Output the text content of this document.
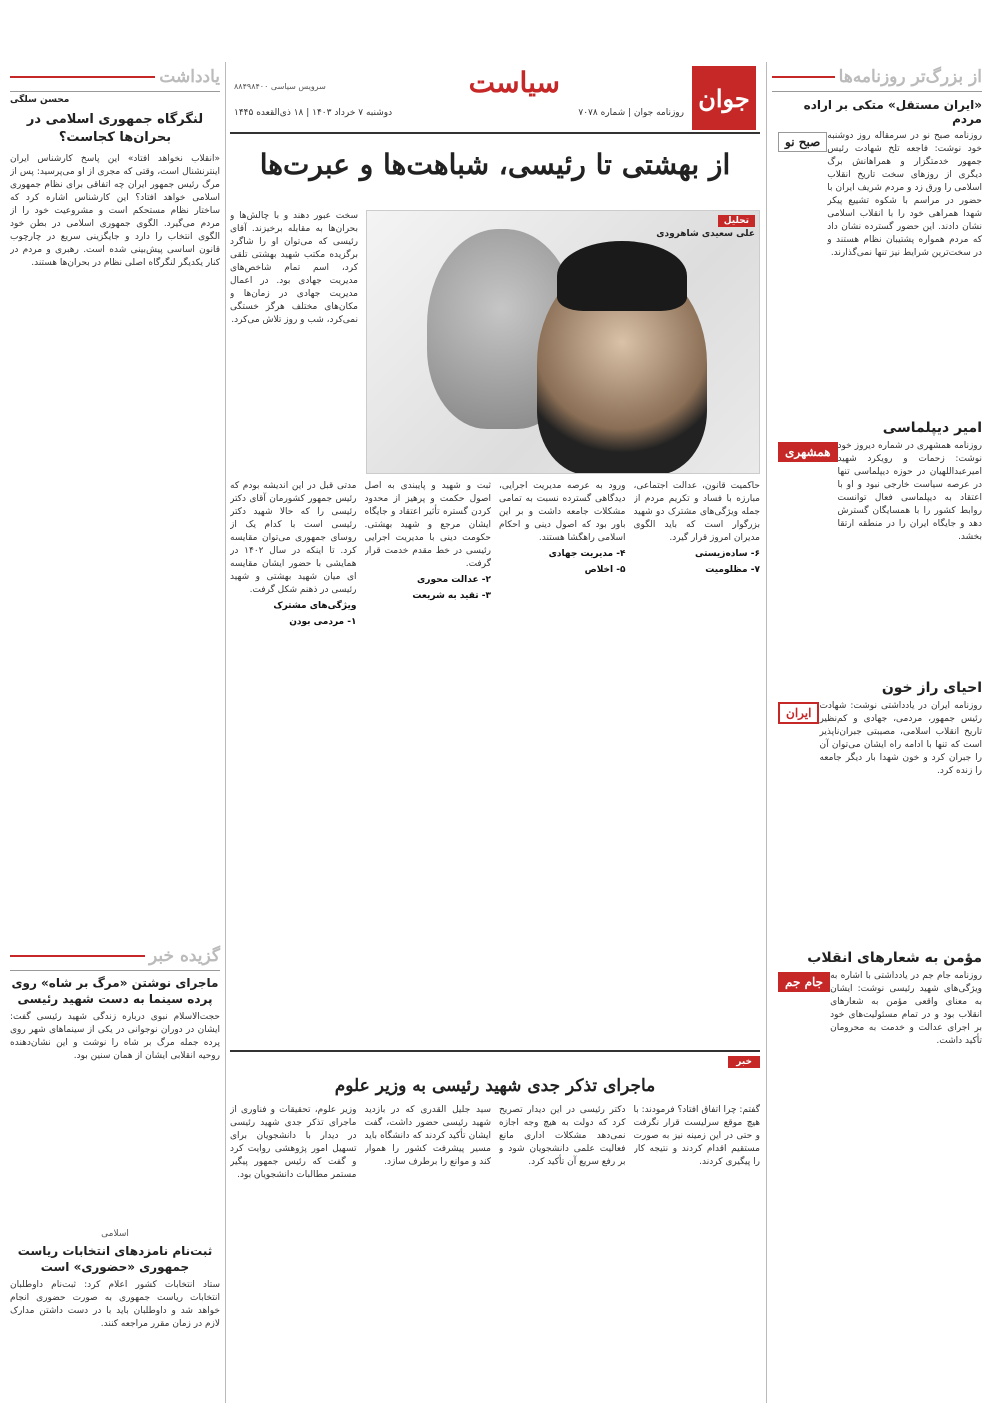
از بزرگ‌تر روزنامه‌ها
«ایران مستقل» متکی بر اراده مردم
صبح نو روزنامه صبح نو در سرمقاله روز دوشنبه خود نوشت: فاجعه تلخ شهادت رئیس جمهور خدمتگزار و همراهانش برگ دیگری از روزهای سخت تاریخ انقلاب اسلامی را ورق زد و مردم شریف ایران با حضور در مراسم با شکوه تشییع پیکر شهدا همراهی خود را با انقلاب اسلامی نشان دادند. این حضور گسترده نشان داد که مردم همواره پشتیبان نظام هستند و در سخت‌ترین شرایط نیز تنها نمی‌گذارند.
امیر دیپلماسی
همشهری روزنامه همشهری در شماره دیروز خود نوشت: زحمات و رویکرد شهید امیرعبداللهیان در حوزه دیپلماسی تنها در عرصه سیاست خارجی نبود و او با اعتقاد به دیپلماسی فعال توانست روابط کشور را با همسایگان گسترش دهد و جایگاه ایران را در منطقه ارتقا بخشد.
احیای راز خون
ایران روزنامه ایران در یادداشتی نوشت: شهادت رئیس جمهور، مردمی، جهادی و کم‌نظیر تاریخ انقلاب اسلامی، مصیبتی جبران‌ناپذیر است که تنها با ادامه راه ایشان می‌توان آن را جبران کرد و خون شهدا بار دیگر جامعه را زنده کرد.
مؤمن به شعارهای انقلاب
جام جم روزنامه جام جم در یادداشتی با اشاره به ویژگی‌های شهید رئیسی نوشت: ایشان به معنای واقعی مؤمن به شعارهای انقلاب بود و در تمام مسئولیت‌های خود بر اجرای عدالت و خدمت به محرومان تأکید داشت.
جوان
سیاست
سرویس سیاسی ۸۸۴۹۸۴۰۰
روزنامه جوان | شماره ۷۰۷۸
دوشنبه ۷ خرداد ۱۴۰۳ | ۱۸ ذی‌القعده ۱۴۴۵
از بهشتی تا رئیسی، شباهت‌ها و عبرت‌ها
تحلیل
علی سعیدی شاهرودی
سخت عبور دهند و با چالش‌ها و بحران‌ها به مقابله برخیزند. آقای رئیسی که می‌توان او را شاگرد برگزیده مکتب شهید بهشتی تلقی کرد، اسم تمام شاخص‌های مدیریت جهادی بود. در اعمال مدیریت جهادی در زمان‌ها و مکان‌های مختلف هرگز خستگی نمی‌کرد، شب و روز تلاش می‌کرد.
مدتی قبل در این اندیشه بودم که رئیس جمهور کشورمان آقای دکتر رئیسی را که حالا شهید دکتر رئیسی است با کدام یک از روسای جمهوری می‌توان مقایسه کرد. تا اینکه در سال ۱۴۰۲ در همایشی با حضور ایشان مقایسه ای میان شهید بهشتی و شهید رئیسی در ذهنم شکل گرفت.
ویژگی‌های مشترک
۱- مردمی بودن
ثبت و شهید و پایبندی به اصل اصول حکمت و پرهیز از محدود کردن گستره تأثیر اعتقاد و جایگاه ایشان مرجع و شهید بهشتی. حکومت دینی با مدیریت اجرایی رئیسی در خط مقدم خدمت قرار گرفت.
۲- عدالت محوری
۳- تقید به شریعت
ورود به عرصه مدیریت اجرایی، دیدگاهی گسترده نسبت به تمامی مشکلات جامعه داشت و بر این باور بود که اصول دینی و احکام اسلامی راهگشا هستند.
۴- مدیریت جهادی
۵- اخلاص
حاکمیت قانون، عدالت اجتماعی، مبارزه با فساد و تکریم مردم از جمله ویژگی‌های مشترک دو شهید بزرگوار است که باید الگوی مدیران امروز قرار گیرد.
۶- ساده‌زیستی
۷- مظلومیت
خبر
ماجرای تذکر جدی شهید رئیسی به وزیر علوم
وزیر علوم، تحقیقات و فناوری از ماجرای تذکر جدی شهید رئیسی در دیدار با دانشجویان برای تسهیل امور پژوهشی روایت کرد و گفت که رئیس جمهور پیگیر مستمر مطالبات دانشجویان بود.
سید جلیل القدری که در بازدید شهید رئیسی حضور داشت، گفت ایشان تأکید کردند که دانشگاه باید مسیر پیشرفت کشور را هموار کند و موانع را برطرف سازد.
دکتر رئیسی در این دیدار تصریح کرد که دولت به هیچ وجه اجازه نمی‌دهد مشکلات اداری مانع فعالیت علمی دانشجویان شود و بر رفع سریع آن تأکید کرد.
گفتم: چرا اتفاق افتاد؟ فرمودند: با هیچ موقع سرلیست قرار نگرفت و حتی در این زمینه نیز به صورت مستقیم اقدام کردند و نتیجه کار را پیگیری کردند.
یادداشت
محسن سلگی
لنگرگاه جمهوری اسلامی در بحران‌ها کجاست؟
«انقلاب نخواهد افتاد» این پاسخ کارشناس ایران اینترنشنال است، وقتی که مجری از او می‌پرسید: پس از مرگ رئیس جمهور ایران چه اتفاقی برای نظام جمهوری اسلامی خواهد افتاد؟ این کارشناس اشاره کرد که ساختار نظام مستحکم است و مشروعیت خود را از مردم می‌گیرد. الگوی جمهوری اسلامی در بطن خود الگوی انتخاب را دارد و جایگزینی سریع در چارچوب قانون اساسی پیش‌بینی شده است. رهبری و مردم در کنار یکدیگر لنگرگاه اصلی نظام در بحران‌ها هستند.
گزیده خبر
ماجرای نوشتن «مرگ بر شاه» روی پرده سینما به دست شهید رئیسی
حجت‌الاسلام نبوی درباره زندگی شهید رئیسی گفت: ایشان در دوران نوجوانی در یکی از سینماهای شهر روی پرده جمله مرگ بر شاه را نوشت و این نشان‌دهنده روحیه انقلابی ایشان از همان سنین بود.
اسلامی
ثبت‌نام نامزدهای انتخابات ریاست جمهوری «حضوری» است
ستاد انتخابات کشور اعلام کرد: ثبت‌نام داوطلبان انتخابات ریاست جمهوری به صورت حضوری انجام خواهد شد و داوطلبان باید با در دست داشتن مدارک لازم در زمان مقرر مراجعه کنند.
